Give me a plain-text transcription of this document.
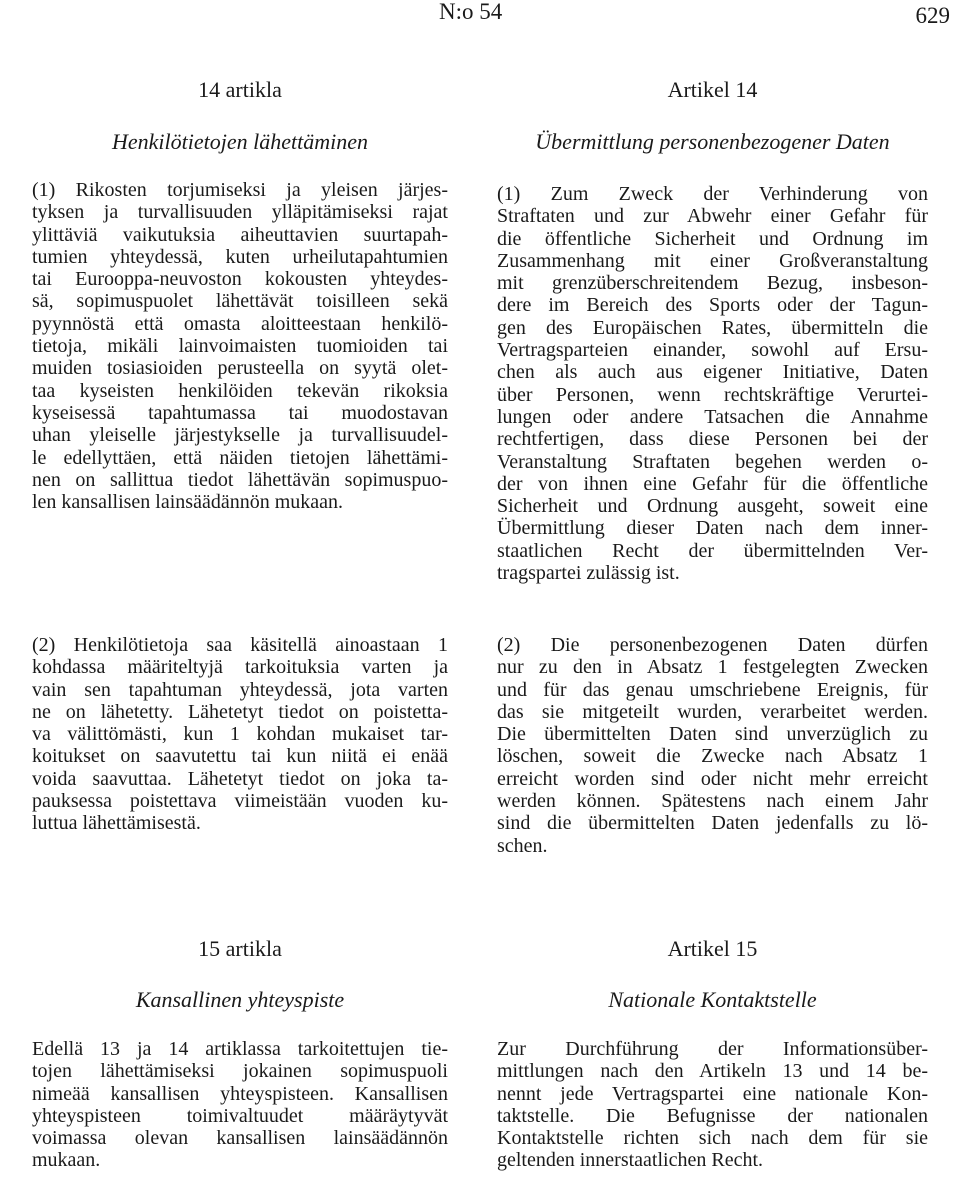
N:o 54	629
14 artikla
Henkilötietojen lähettäminen
(1) Rikosten torjumiseksi ja yleisen järjes-
tyksen ja turvallisuuden ylläpitämiseksi rajat
ylittäviä vaikutuksia aiheuttavien suurtapah-
tumien yhteydessä, kuten urheilutapahtumien
tai Eurooppa-neuvoston kokousten yhteydes-
sä, sopimuspuolet lähettävät toisilleen sekä
pyynnöstä että omasta aloitteestaan henkilö-
tietoja, mikäli lainvoimaisten tuomioiden tai
muiden tosiasioiden perusteella on syytä olet-
taa kyseisten henkilöiden tekevän rikoksia
kyseisessä tapahtumassa tai muodostavan
uhan yleiselle järjestykselle ja turvallisuudel-
le edellyttäen, että näiden tietojen lähettämi-
nen on sallittua tiedot lähettävän sopimuspuo-
len kansallisen lainsäädännön mukaan.
(2) Henkilötietoja saa käsitellä ainoastaan 1
kohdassa määriteltyjä tarkoituksia varten ja
vain sen tapahtuman yhteydessä, jota varten
ne on lähetetty. Lähetetyt tiedot on poistetta-
va välittömästi, kun 1 kohdan mukaiset tar-
koitukset on saavutettu tai kun niitä ei enää
voida saavuttaa. Lähetetyt tiedot on joka ta-
pauksessa poistettava viimeistään vuoden ku-
luttua lähettämisestä.
Artikel 14
Übermittlung personenbezogener Daten
(1) Zum Zweck der Verhinderung von
Straftaten und zur Abwehr einer Gefahr für
die öffentliche Sicherheit und Ordnung im
Zusammenhang mit einer Großveranstaltung
mit grenzüberschreitendem Bezug, insbeson-
dere im Bereich des Sports oder der Tagun-
gen des Europäischen Rates, übermitteln die
Vertragsparteien einander, sowohl auf Ersu-
chen als auch aus eigener Initiative, Daten
über Personen, wenn rechtskräftige Verurtei-
lungen oder andere Tatsachen die Annahme
rechtfertigen, dass diese Personen bei der
Veranstaltung Straftaten begehen werden o-
der von ihnen eine Gefahr für die öffentliche
Sicherheit und Ordnung ausgeht, soweit eine
Übermittlung dieser Daten nach dem inner-
staatlichen Recht der übermittelnden Ver-
tragspartei zulässig ist.
(2) Die personenbezogenen Daten dürfen
nur zu den in Absatz 1 festgelegten Zwecken
und für das genau umschriebene Ereignis, für
das sie mitgeteilt wurden, verarbeitet werden.
Die übermittelten Daten sind unverzüglich zu
löschen, soweit die Zwecke nach Absatz 1
erreicht worden sind oder nicht mehr erreicht
werden können. Spätestens nach einem Jahr
sind die übermittelten Daten jedenfalls zu lö-
schen.
15 artikla
Kansallinen yhteyspiste
Edellä 13 ja 14 artiklassa tarkoitettujen tie-
tojen lähettämiseksi jokainen sopimuspuoli
nimeää kansallisen yhteyspisteen. Kansallisen
yhteyspisteen toimivaltuudet määräytyvät
voimassa olevan kansallisen lainsäädännön
mukaan.
Artikel 15
Nationale Kontaktstelle
Zur Durchführung der Informationsüber-
mittlungen nach den Artikeln 13 und 14 be-
nennt jede Vertragspartei eine nationale Kon-
taktstelle. Die Befugnisse der nationalen
Kontaktstelle richten sich nach dem für sie
geltenden innerstaatlichen Recht.
